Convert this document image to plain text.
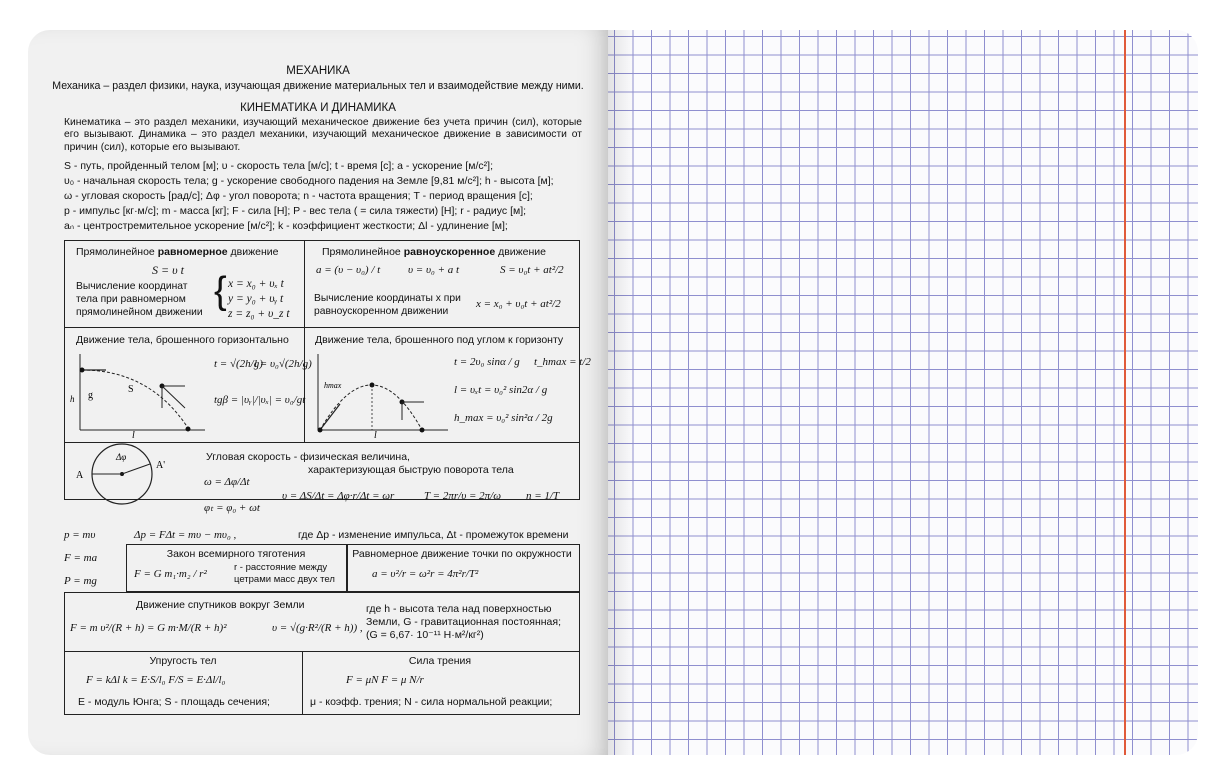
МЕХАНИКА
Механика – раздел физики, наука, изучающая движение материальных тел и взаимодействие между ними.
КИНЕМАТИКА И ДИНАМИКА
Кинематика – это раздел механики, изучающий механическое движение без учета причин (сил), которые его вызывают. Динамика – это раздел механики, изучающий механическое движение в зависимости от причин (сил), которые его вызывают.
S - путь, пройденный телом [м]; υ - скорость тела [м/с]; t - время [с]; a - ускорение [м/с²];
υ₀ - начальная скорость тела; g - ускорение свободного падения на Земле [9,81 м/с²]; h - высота [м];
ω - угловая скорость [рад/с]; Δφ - угол поворота; n - частота вращения; T - период вращения [с];
p - импульс [кг·м/с]; m - масса [кг]; F - сила [Н]; P - вес тела ( = сила тяжести) [Н]; r - радиус [м];
aₙ - центростремительное ускорение [м/с²]; k - коэффициент жесткости; Δl - удлинение [м];
Прямолинейное равномерное движение
S = υ t
Вычисление координат тела при равномерном прямолинейном движении
{ x = x₀ + υₓ t
y = y₀ + υᵧ t
z = z₀ + υ_z t
Прямолинейное равноускоренное движение
a = (υ − υ₀) / t	υ = υ₀ + a t	S = υ₀t + at²/2
Вычисление координаты x при равноускоренном движении
x = x₀ + υ₀t + at²/2
Движение тела, брошенного горизонтально
g
h
S
l
t = √(2h/g)
l = υ₀√(2h/g)
tgβ = |υᵧ|/|υₓ| = υ₀/gt
Движение тела, брошенного под углом к горизонту
hmax
l
t = 2υ₀ sinα / g t_hmax = t/2
l = υₓt = υ₀² sin2α / g
h_max = υ₀² sin²α / 2g
A
A'
Δφ	Угловая скорость - физическая величина,
характеризующая быструю поворота тела
ω = Δφ/Δt
φₜ = φ₀ + ωt
υ = ΔS/Δt = Δφ·r/Δt = ωr	T = 2πr/υ = 2π/ω n = 1/T
p = mυ	Δp = FΔt = mυ − mυ₀ ,	где Δp - изменение импульса, Δt - промежуток времени
F = ma
P = mg
Закон всемирного тяготения
F = G m₁·m₂ / r²
r - расстояние между
цетрами масс двух тел
Равномерное движение точки по окружности
a = υ²/r = ω²r = 4π²r/T²
Движение спутников вокруг Земли
F = m υ²/(R + h) = G m·M/(R + h)²	υ = √(g·R²/(R + h)) ,
где h - высота тела над поверхностью
Земли, G - гравитационная постоянная;
(G = 6,67· 10⁻¹¹ Н·м²/кг²)
Упругость тел
F = kΔl k = E·S/l₀ F/S = E·Δl/l₀
E - модуль Юнга; S - площадь сечения;
Сила трения
F = μN F = μ N/r
μ - коэфф. трения; N - сила нормальной реакции;
